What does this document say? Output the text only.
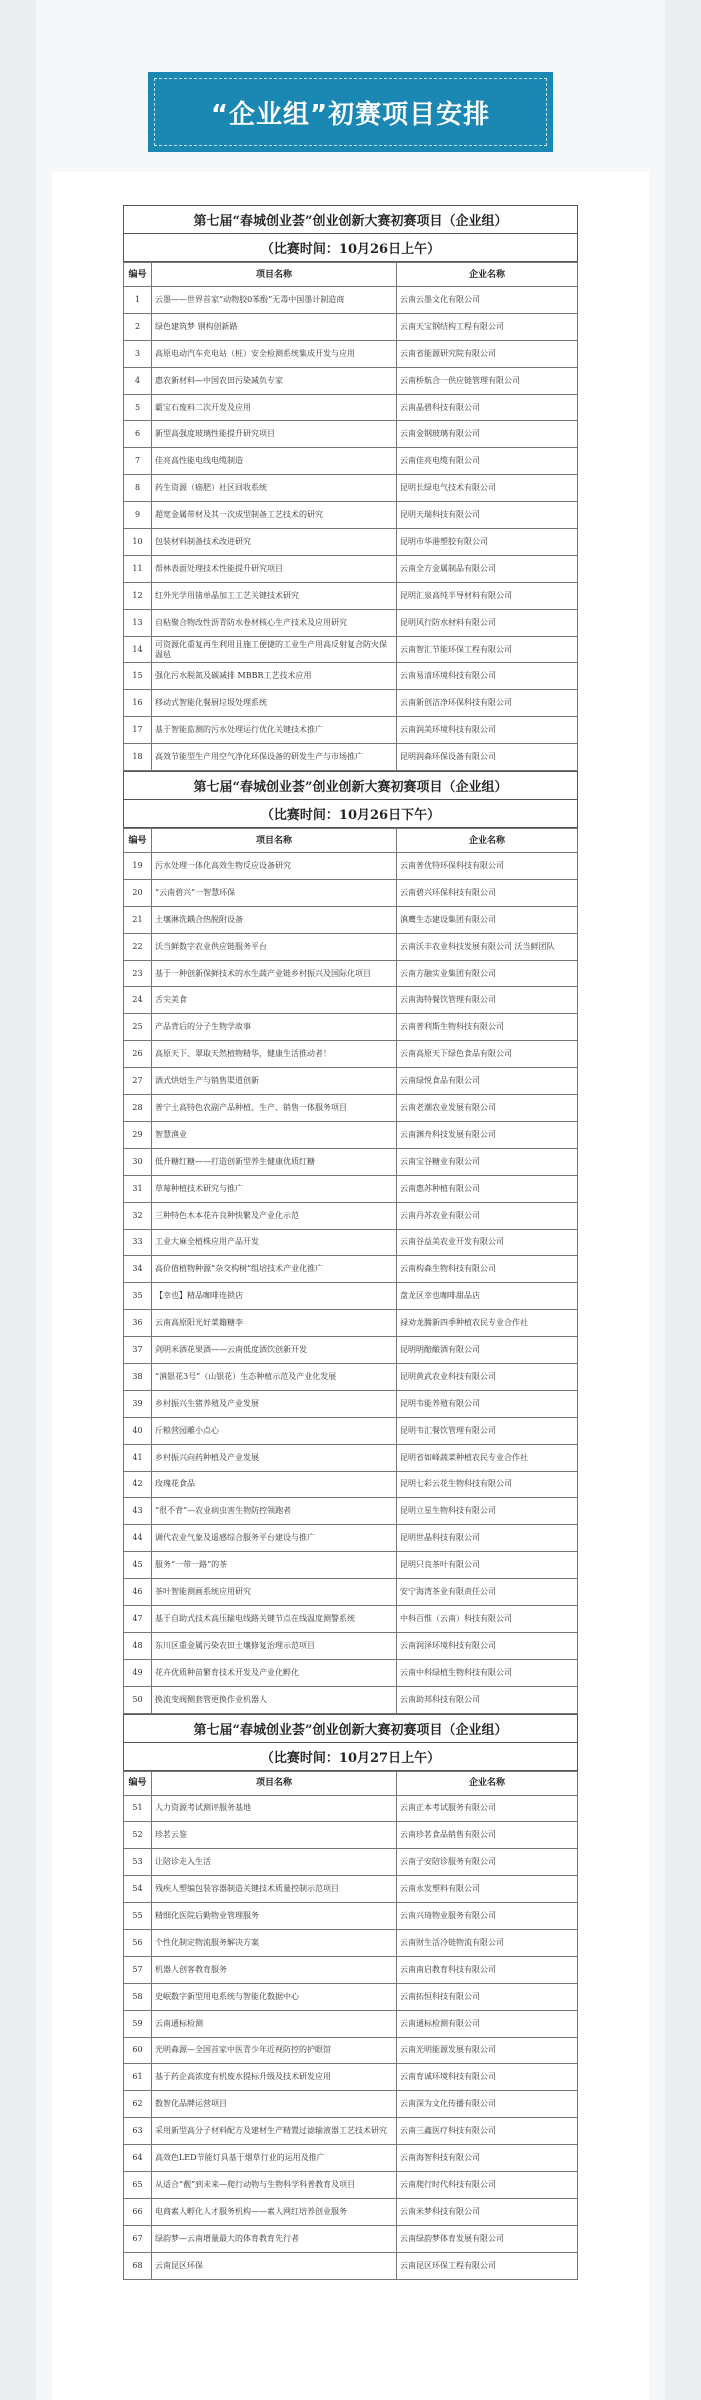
“企业组”初赛项目安排
第七届“春城创业荟”创业创新大赛初赛项目（企业组）
（比赛时间：10月26日上午）
编号	项目名称	企业名称
1	云墨——世界首家“动物胶0苯酚”无毒中国墨计制造商	云南云墨文化有限公司
2	绿色建筑梦 钢构创新路	云南天宝钢结构工程有限公司
3	高原电动汽车充电站（桩）安全检测系统集成开发与应用	云南省能源研究院有限公司
4	惠农新材料—中国农田污染减负专家	云南桥航合一供应链管理有限公司
5	霸宝石废料二次开发及应用	云南晶碧科技有限公司
6	新型高强度玻璃性能提升研究项目	云南金钢玻璃有限公司
7	佳亮高性能电线电缆制造	云南佳亮电缆有限公司
8	药生资源（癌肥）社区回收系统	昆明长绿电气技术有限公司
9	超宽金属带材及其一次成型制备工艺技术的研究	昆明天瑞科技有限公司
10	包装材料制备技术改进研究	昆明市华港塑胶有限公司
11	帮林表面处理技术性能提升研究项目	云南全方金属制品有限公司
12	红外光学用锗单晶加工工艺关键技术研究	昆明汇泉高纯半导材料有限公司
13	自粘聚合物改性沥青防水卷材核心生产技术及应用研究	昆明风行防水材料有限公司
14	可资源化重复再生利用且施工便捷的工业生产用高反射复合防火保温毡	云南智汇节能环保工程有限公司
15	强化污水脱氮及碳减排 MBBR工艺技术应用	云南易清环境科技有限公司
16	移动式智能化餐厨垃圾处理系统	云南新创洁净环保科技有限公司
17	基于智能监测的污水处理运行优化关键技术推广	云南润美环境科技有限公司
18	高效节能型生产用空气净化环保设备的研发生产与市场推广	昆明润森环保设备有限公司
第七届“春城创业荟”创业创新大赛初赛项目（企业组）
（比赛时间：10月26日下午）
编号	项目名称	企业名称
19	污水处理一体化高效生物反应设备研究	云南普优特环保科技有限公司
20	“云南碧兴”一智慧环保	云南碧兴环保科技有限公司
21	土壤淋洗耦合热脱附设备	滇鹰生态建设集团有限公司
22	沃当鲜数字农业供应链服务平台	云南沃丰农业科技发展有限公司 沃当鲜团队
23	基于一种创新保鲜技术的水生蔬产业链乡村振兴及国际化项目	云南方融实业集团有限公司
24	舌尖美食	云南海特餐饮管理有限公司
25	产品背后的分子生物学故事	云南普利斯生物科技有限公司
26	高原天下、翠取天然植物精华，健康生活推动者！	云南高原天下绿色食品有限公司
27	酒式烘焙生产与销售渠道创新	云南绿悦食品有限公司
28	普宁土高特色农副产品种植、生产、销售一体服务项目	云南老潮农业发展有限公司
29	智慧渔业	云南渊舟科技发展有限公司
30	低升糖红糖——打造创新型养生健康优质红糖	云南宝谷糖业有限公司
31	草莓种植技术研究与推广	云南惠苏种植有限公司
32	三种特色木本花卉良种快繁及产业化示范	云南丹苏农业有限公司
33	工业大麻全植株应用产品开发	云南谷益美农业开发有限公司
34	高价值植物种源“杂交构树”组培技术产业化推广	云南构森生物科技有限公司
35	【幸也】精品咖啡连锁店	盘龙区幸也咖啡甜品店
36	云南高原阳光好菜籍糖李	禄劝龙腾新四季种植农民专业合作社
37	剑明米酒花果酒——云南低度酒饮创新开发	昆明明醅酿酒有限公司
38	“滇银花3号”（山银花）生态种植示范及产业化发展	昆明黄武农业科技有限公司
39	乡村振兴生猪养殖及产业发展	昆明韦能养殖有限公司
40	斤粮营园雕小点心	昆明韦汇餐饮管理有限公司
41	乡村振兴向药种植及产业发展	昆明省如峰蔬菜种植农民专业合作社
42	玫瑰花食品	昆明七彩云花生物科技有限公司
43	“很不背”—农业病虫害生物防控领跑者	昆明立星生物科技有限公司
44	调代农业气象及遥感综合服务平台建设与推广	昆明世晶科技有限公司
45	服务“一带一路”的茶	昆明只良茶叶有限公司
46	茶叶智能测画系统应用研究	安宁海湾茶业有限责任公司
47	基于自助式技术高压输电线路关键节点在线温度测警系统	中科百惟（云南）科技有限公司
48	东川区重金属污染农田土壤修复治理示范项目	云南润泽环境科技有限公司
49	花卉优质种苗繁育技术开发及产业化孵化	云南中科绿植生物科技有限公司
50	换流变阀侧套管更换作业机器人	云南助邦科技有限公司
第七届“春城创业荟”创业创新大赛初赛项目（企业组）
（比赛时间：10月27日上午）
编号	项目名称	企业名称
51	人力资源考试测评服务基地	云南正本考试服务有限公司
52	珍茗云鉴	云南珍茗食品销售有限公司
53	让陪诊走入生活	云南子安陪诊服务有限公司
54	残疾人塑编包装容器制造关键技术质量控制示范项目	云南永发塑料有限公司
55	精细化医院后勤物业管理服务	云南兴琦物业服务有限公司
56	个性化制定物流服务解决方案	云南财生活冷链物流有限公司
57	机器人创客教育服务	云南南启教育科技有限公司
58	史岷数字新型用电系统与智能化数据中心	云南拓恒科技有限公司
59	云南通标检测	云南通标检测有限公司
60	光明森源—全国首家中医青少年近视防控的护眼馆	云南光明能源发展有限公司
61	基于药企高浓度有机废水提标升级及技术研发应用	云南育诚环境科技有限公司
62	数智化品牌运营项目	云南深为文化传播有限公司
63	采用新型高分子材料配方及建材生产精置过滤输液器工艺技术研究	云南三鑫医疗科技有限公司
64	高效色LED节能灯具基于烟草行业的运用及推广	云南海智科技有限公司
65	从适合“靓”到未来—爬行动物与生物科学科普教育及项目	云南爬行时代科技有限公司
66	电商素人孵化人才服务机构——素人网红培养创业服务	云南米梦科技有限公司
67	绿韵梦—云南增量最大的体育教育先行者	云南绿韵梦体育发展有限公司
68	云南昆区环保	云南昆区环保工程有限公司
